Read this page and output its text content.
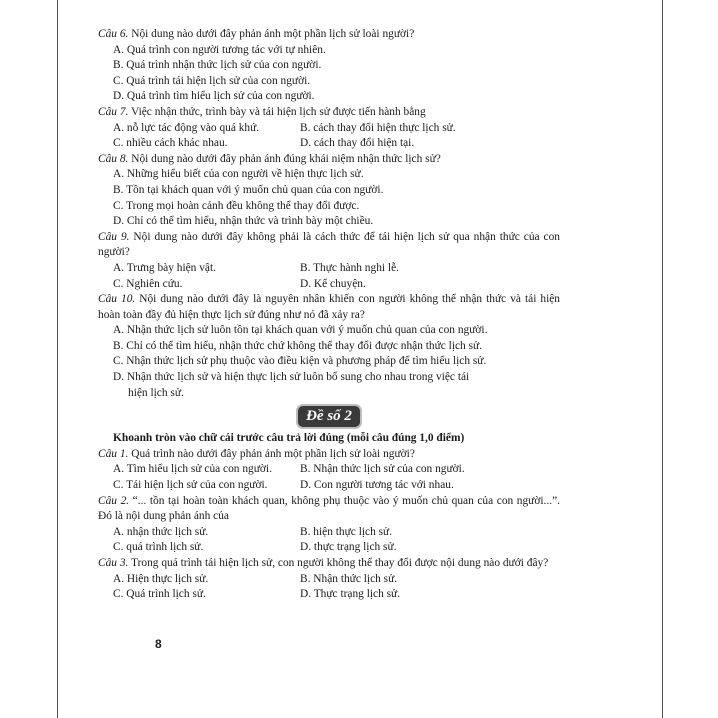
Câu 6. Nội dung nào dưới đây phản ánh một phần lịch sử loài người?
A. Quá trình con người tương tác với tự nhiên.
B. Quá trình nhận thức lịch sử của con người.
C. Quá trình tái hiện lịch sử của con người.
D. Quá trình tìm hiểu lịch sử của con người.
Câu 7. Việc nhận thức, trình bày và tái hiện lịch sử được tiến hành bằng
A. nỗ lực tác động vào quá khứ.	B. cách thay đổi hiện thực lịch sử.
C. nhiều cách khác nhau.	D. cách thay đổi hiện tại.
Câu 8. Nội dung nào dưới đây phản ánh đúng khái niệm nhận thức lịch sử?
A. Những hiểu biết của con người về hiện thực lịch sử.
B. Tồn tại khách quan với ý muốn chủ quan của con người.
C. Trong mọi hoàn cảnh đều không thể thay đổi được.
D. Chỉ có thể tìm hiểu, nhận thức và trình bày một chiều.
Câu 9. Nội dung nào dưới đây không phải là cách thức để tái hiện lịch sử qua nhận thức của con người?
A. Trưng bày hiện vật.	B. Thực hành nghi lễ.
C. Nghiên cứu.	D. Kể chuyện.
Câu 10. Nội dung nào dưới đây là nguyên nhân khiến con người không thể nhận thức và tái hiện hoàn toàn đầy đủ hiện thực lịch sử đúng như nó đã xảy ra?
A. Nhận thức lịch sử luôn tồn tại khách quan với ý muốn chủ quan của con người.
B. Chỉ có thể tìm hiểu, nhận thức chứ không thể thay đổi được nhận thức lịch sử.
C. Nhận thức lịch sử phụ thuộc vào điều kiện và phương pháp để tìm hiểu lịch sử.
D. Nhận thức lịch sử và hiện thực lịch sử luôn bổ sung cho nhau trong việc tái
hiện lịch sử.
Đề số 2
Khoanh tròn vào chữ cái trước câu trả lời đúng (mỗi câu đúng 1,0 điểm)
Câu 1. Quá trình nào dưới đây phản ánh một phần lịch sử loài người?
A. Tìm hiểu lịch sử của con người.	B. Nhận thức lịch sử của con người.
C. Tái hiện lịch sử của con người.	D. Con người tương tác với nhau.
Câu 2. “... tồn tại hoàn toàn khách quan, không phụ thuộc vào ý muốn chủ quan của con người...”. Đó là nội dung phản ánh của
A. nhận thức lịch sử.	B. hiện thực lịch sử.
C. quá trình lịch sử.	D. thực trạng lịch sử.
Câu 3. Trong quá trình tái hiện lịch sử, con người không thể thay đổi được nội dung nào dưới đây?
A. Hiện thực lịch sử.	B. Nhận thức lịch sử.
C. Quá trình lịch sử.	D. Thực trạng lịch sử.
8
